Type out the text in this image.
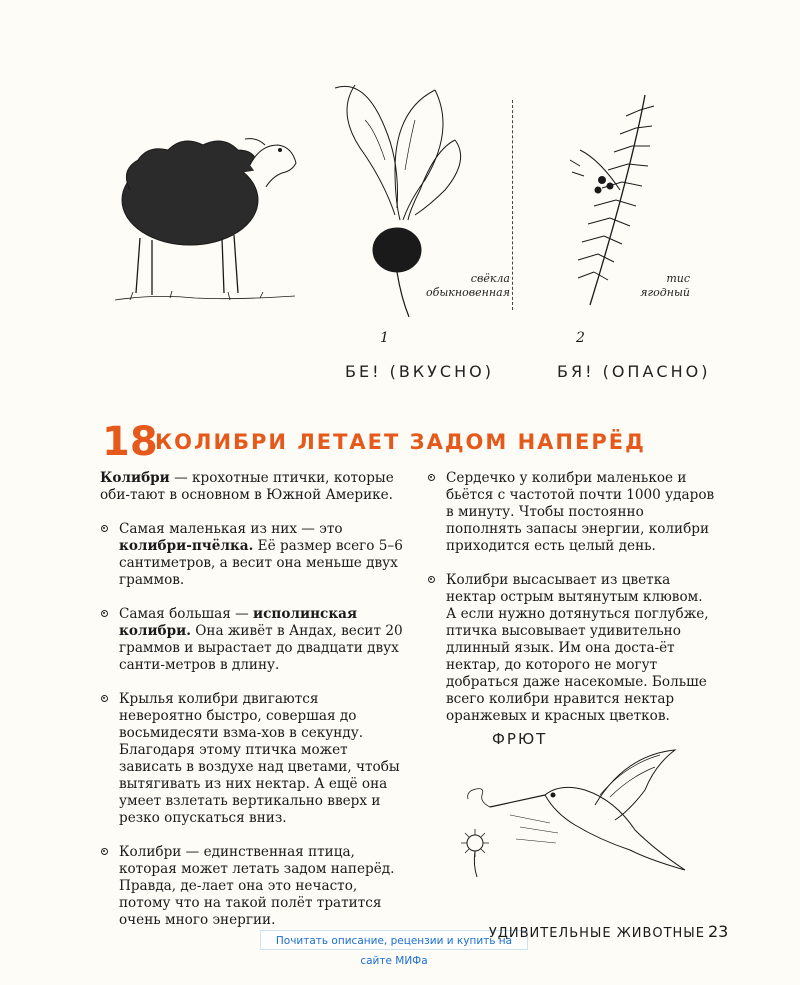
свёкла
обыкновенная
1
тис
ягодный
2
БЕ! (ВКУСНО)	БЯ! (ОПАСНО)
18
КОЛИБРИ ЛЕТАЕТ ЗАДОМ НАПЕРЁД

Колибри — крохотные птички, которые оби-тают в основном в Южной Америке.

Самая маленькая из них — это колибри-пчёлка. Её размер всего 5–6 сантиметров, а весит она меньше двух граммов.
Самая большая — исполинская колибри. Она живёт в Андах, весит 20 граммов и вырастает до двадцати двух санти-метров в длину.
Крылья колибри двигаются невероятно быстро, совершая до восьмидесяти взма-хов в секунду. Благодаря этому птичка может зависать в воздухе над цветами, чтобы вытягивать из них нектар. А ещё она умеет взлетать вертикально вверх и резко опускаться вниз.
Колибри — единственная птица, которая может летать задом наперёд. Правда, де-лает она это нечасто, потому что на такой полёт тратится очень много энергии.
Сердечко у колибри маленькое и бьётся с частотой почти 1000 ударов в минуту. Чтобы постоянно пополнять запасы энергии, колибри приходится есть целый день.
Колибри высасывает из цветка нектар острым вытянутым клювом. А если нужно дотянуться поглубже, птичка высовывает удивительно длинный язык. Им она доста-ёт нектар, до которого не могут добраться даже насекомые. Больше всего колибри нравится нектар оранжевых и красных цветков.
ФРЮТ
Почитать описание, рецензии и купить на сайте МИФа
УДИВИТЕЛЬНЫЕ ЖИВОТНЫЕ 23
